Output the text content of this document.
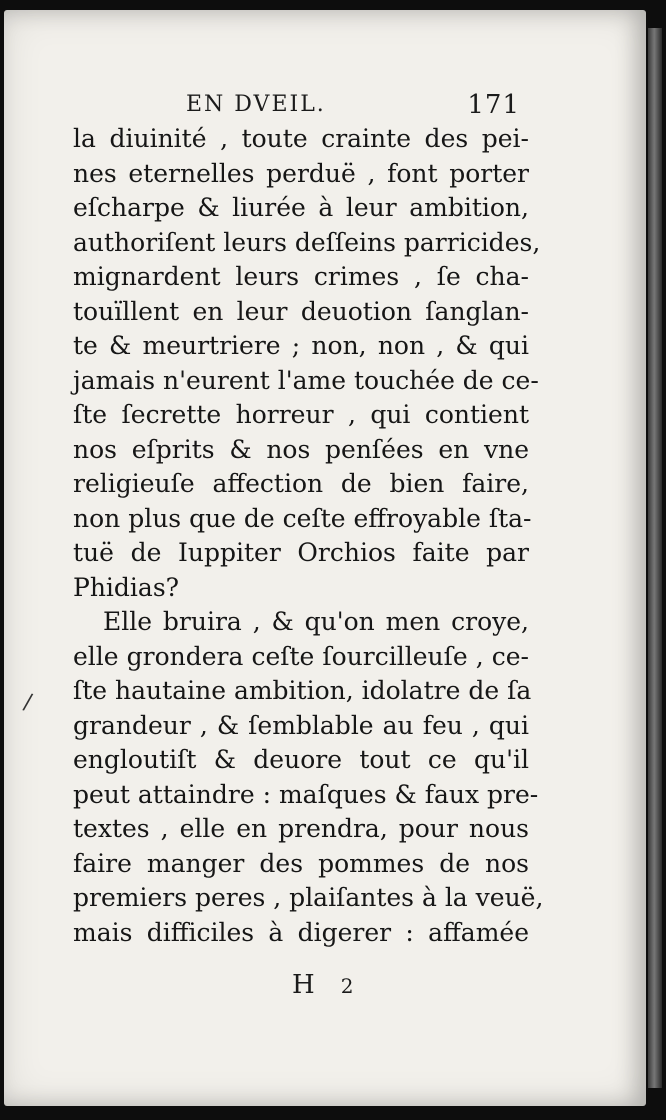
EN DVEIL.	171
/
la diuinité , toute crainte des pei-
nes eternelles perduë , font porter
eſcharpe & liurée à leur ambition,
authoriſent leurs deſſeins parricides,
mignardent leurs crimes , ſe cha-
touïllent en leur deuotion ſanglan-
te & meurtriere ; non, non , & qui
jamais n'eurent l'ame touchée de ce-
ſte ſecrette horreur , qui contient
nos eſprits & nos penſées en vne
religieuſe affection de bien faire,
non plus que de ceſte effroyable ſta-
tuë de Iuppiter Orchios faite par
Phidias?
Elle bruira , & qu'on men croye,
elle grondera ceſte ſourcilleuſe , ce-
ſte hautaine ambition, idolatre de ſa
grandeur , & ſemblable au feu , qui
engloutiſt & deuore tout ce qu'il
peut attaindre : maſques & faux pre-
textes , elle en prendra, pour nous
faire manger des pommes de nos
premiers peres , plaiſantes à la veuë,
mais difficiles à digerer : affamée
H 2
